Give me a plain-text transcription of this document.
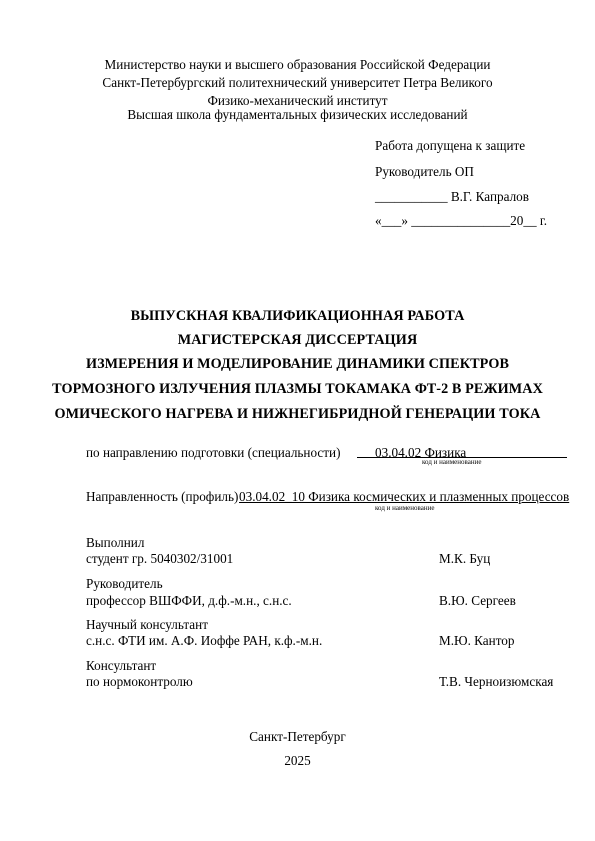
Министерство науки и высшего образования Российской Федерации
Санкт-Петербургский политехнический университет Петра Великого
Физико-механический институт
Высшая школа фундаментальных физических исследований
Работа допущена к защите
Руководитель ОП
___________ В.Г. Капралов
«___» _______________20__ г.
ВЫПУСКНАЯ КВАЛИФИКАЦИОННАЯ РАБОТА
МАГИСТЕРСКАЯ ДИССЕРТАЦИЯ
ИЗМЕРЕНИЯ И МОДЕЛИРОВАНИЕ ДИНАМИКИ СПЕКТРОВ
ТОРМОЗНОГО ИЗЛУЧЕНИЯ ПЛАЗМЫ ТОКАМАКА ФТ-2 В РЕЖИМАХ
ОМИЧЕСКОГО НАГРЕВА И НИЖНЕГИБРИДНОЙ ГЕНЕРАЦИИ ТОКА
по направлению подготовки (специальности)	03.04.02 Физика
код и наименование
Направленность (профиль) 03.04.02_10 Физика космических и плазменных процессов
код и наименование
Выполнил
студент гр. 5040302/31001	М.К. Буц
Руководитель
профессор ВШФФИ, д.ф.-м.н., с.н.с.	В.Ю. Сергеев
Научный консультант
с.н.с. ФТИ им. А.Ф. Иоффе РАН, к.ф.-м.н.	М.Ю. Кантор
Консультант
по нормоконтролю	Т.В. Черноизюмская
Санкт-Петербург
2025
